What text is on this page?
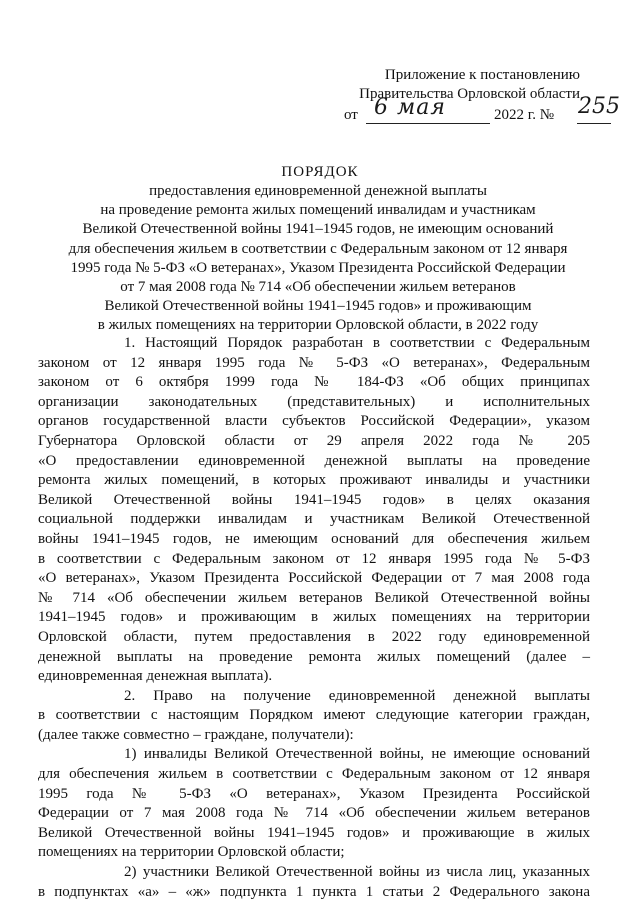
Приложение к постановлению
Правительства Орловской области
от 6 мая	2022 г. № 255
ПОРЯДОК
предоставления единовременной денежной выплаты
на проведение ремонта жилых помещений инвалидам и участникам
Великой Отечественной войны 1941–1945 годов, не имеющим оснований
для обеспечения жильем в соответствии с Федеральным законом от 12 января
1995 года № 5-ФЗ «О ветеранах», Указом Президента Российской Федерации
от 7 мая 2008 года № 714 «Об обеспечении жильем ветеранов
Великой Отечественной войны 1941–1945 годов» и проживающим
в жилых помещениях на территории Орловской области, в 2022 году
1. Настоящий Порядок разработан в соответствии с Федеральным
законом от 12 января 1995 года № 5-ФЗ «О ветеранах», Федеральным
законом от 6 октября 1999 года № 184-ФЗ «Об общих принципах
организации законодательных (представительных) и исполнительных
органов государственной власти субъектов Российской Федерации», указом
Губернатора Орловской области от 29 апреля 2022 года № 205
«О предоставлении единовременной денежной выплаты на проведение
ремонта жилых помещений, в которых проживают инвалиды и участники
Великой Отечественной войны 1941–1945 годов» в целях оказания
социальной поддержки инвалидам и участникам Великой Отечественной
войны 1941–1945 годов, не имеющим оснований для обеспечения жильем
в соответствии с Федеральным законом от 12 января 1995 года № 5-ФЗ
«О ветеранах», Указом Президента Российской Федерации от 7 мая 2008 года
№ 714 «Об обеспечении жильем ветеранов Великой Отечественной войны
1941–1945 годов» и проживающим в жилых помещениях на территории
Орловской области, путем предоставления в 2022 году единовременной
денежной выплаты на проведение ремонта жилых помещений (далее –
единовременная денежная выплата).
2. Право на получение единовременной денежной выплаты
в соответствии с настоящим Порядком имеют следующие категории граждан,
(далее также совместно – граждане, получатели):
1) инвалиды Великой Отечественной войны, не имеющие оснований
для обеспечения жильем в соответствии с Федеральным законом от 12 января
1995 года № 5-ФЗ «О ветеранах», Указом Президента Российской
Федерации от 7 мая 2008 года № 714 «Об обеспечении жильем ветеранов
Великой Отечественной войны 1941–1945 годов» и проживающие в жилых
помещениях на территории Орловской области;
2) участники Великой Отечественной войны из числа лиц, указанных
в подпунктах «а» – «ж» подпункта 1 пункта 1 статьи 2 Федерального закона
